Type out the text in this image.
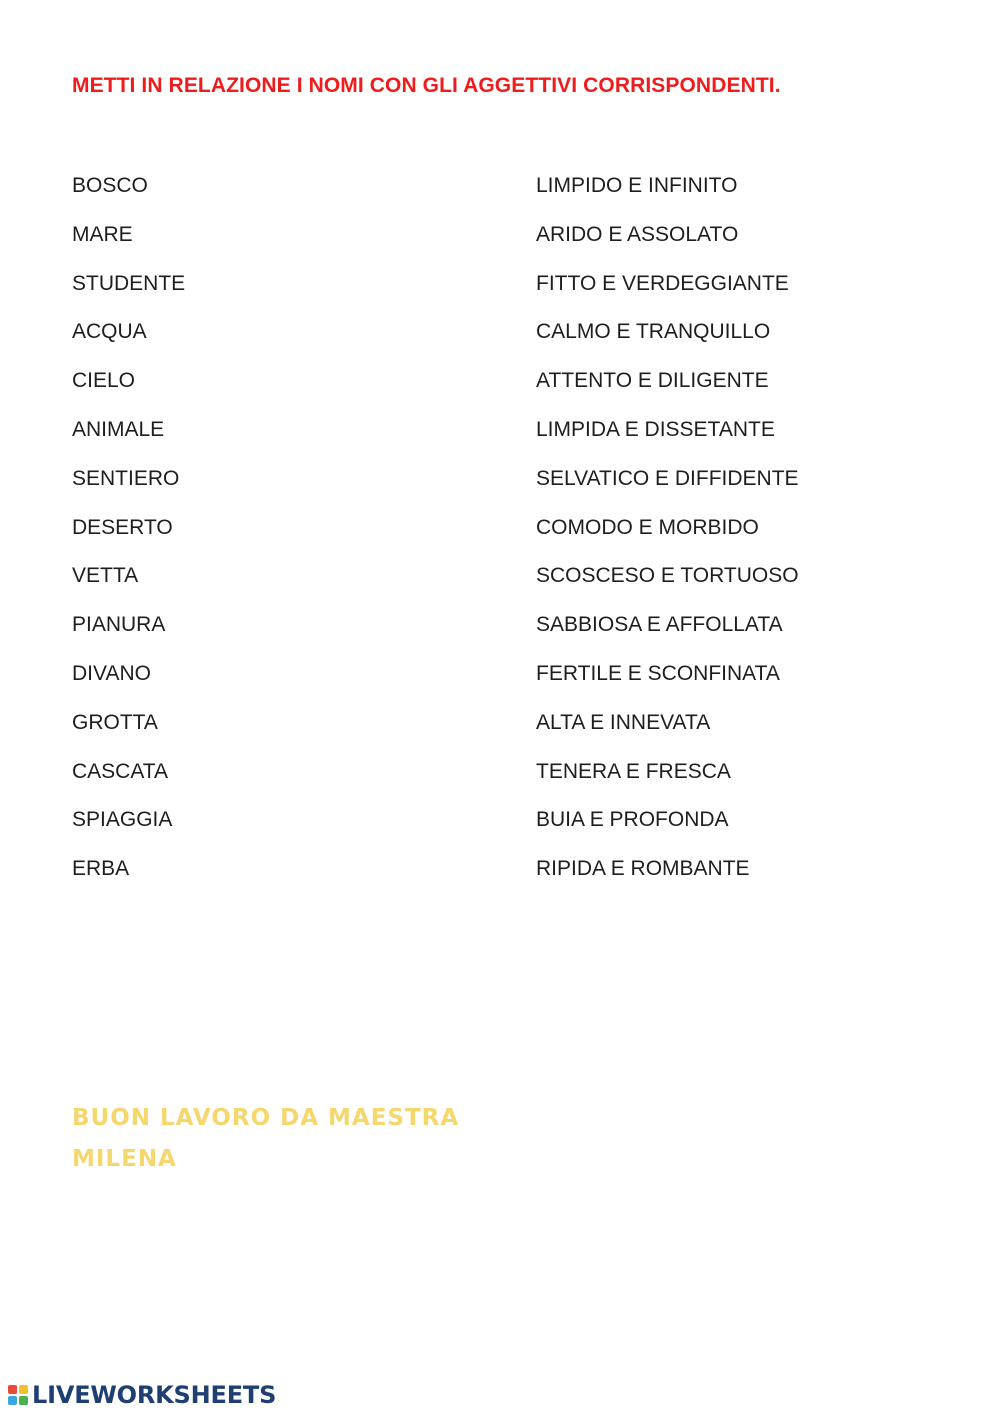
METTI IN RELAZIONE I NOMI CON GLI AGGETTIVI CORRISPONDENTI.
BOSCO
MARE
STUDENTE
ACQUA
CIELO
ANIMALE
SENTIERO
DESERTO
VETTA
PIANURA
DIVANO
GROTTA
CASCATA
SPIAGGIA
ERBA
LIMPIDO E INFINITO
ARIDO E ASSOLATO
FITTO E VERDEGGIANTE
CALMO E TRANQUILLO
ATTENTO E DILIGENTE
LIMPIDA E DISSETANTE
SELVATICO E DIFFIDENTE
COMODO E MORBIDO
SCOSCESO E TORTUOSO
SABBIOSA E AFFOLLATA
FERTILE E SCONFINATA
ALTA E INNEVATA
TENERA E FRESCA
BUIA E PROFONDA
RIPIDA E ROMBANTE
BUON LAVORO DA MAESTRA
MILENA
LIVEWORKSHEETS
